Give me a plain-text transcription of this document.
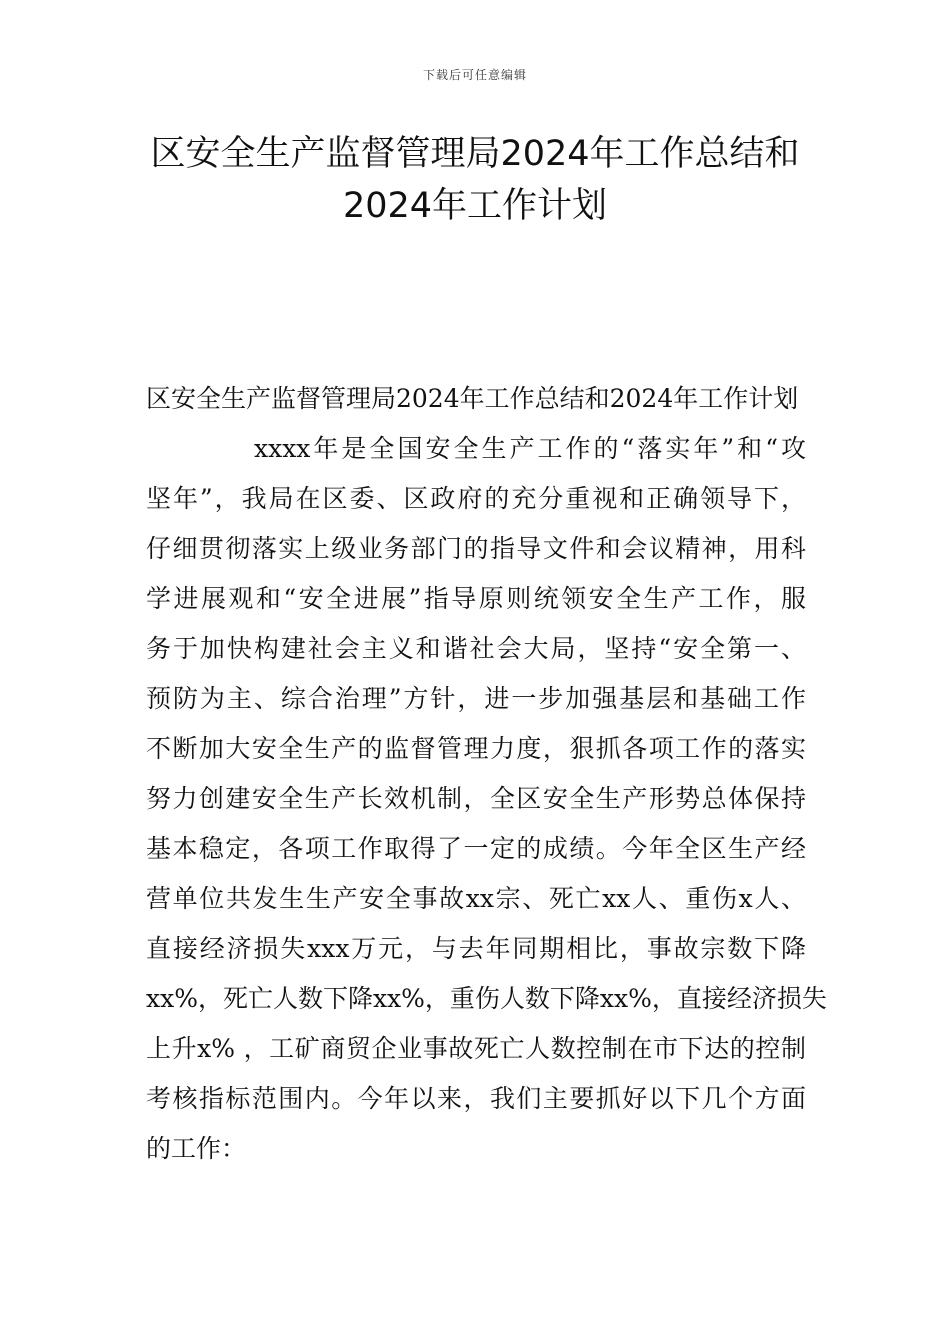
下载后可任意编辑
区安全生产监督管理局2024年工作总结和
2024年工作计划
区安全生产监督管理局2024年工作总结和2024年工作计划
xxxx年是全国安全生产工作的“落实年”和“攻
坚年”，我局在区委、区政府的充分重视和正确领导下，
仔细贯彻落实上级业务部门的指导文件和会议精神，用科
学进展观和“安全进展”指导原则统领安全生产工作，服
务于加快构建社会主义和谐社会大局，坚持“安全第一、
预防为主、综合治理”方针，进一步加强基层和基础工作
不断加大安全生产的监督管理力度，狠抓各项工作的落实
努力创建安全生产长效机制，全区安全生产形势总体保持
基本稳定，各项工作取得了一定的成绩。今年全区生产经
营单位共发生生产安全事故xx宗、死亡xx人、重伤x人、
直接经济损失xxx万元，与去年同期相比，事故宗数下降
xx%，死亡人数下降xx%，重伤人数下降xx%，直接经济损失
上升x% ，工矿商贸企业事故死亡人数控制在市下达的控制
考核指标范围内。今年以来，我们主要抓好以下几个方面
的工作：
